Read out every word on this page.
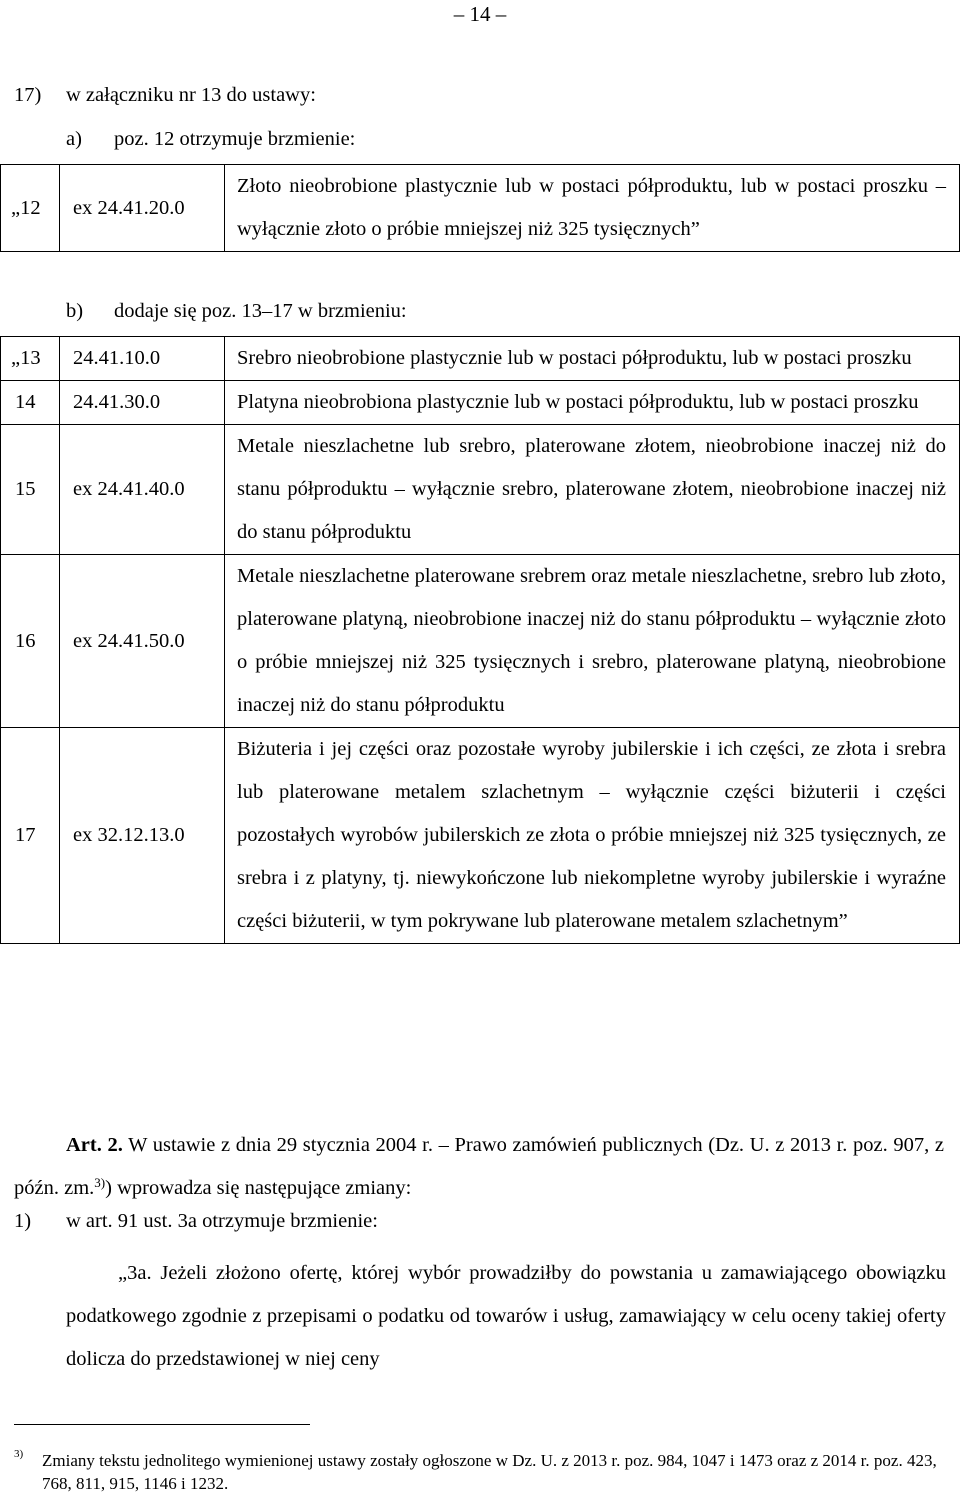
– 14 –
17) w załączniku nr 13 do ustawy:
a) poz. 12 otrzymuje brzmienie:
„12	ex 24.41.20.0	Złoto nieobrobione plastycznie lub w postaci półproduktu, lub w postaci proszku – wyłącznie złoto o próbie mniejszej niż 325 tysięcznych”
b) dodaje się poz. 13–17 w brzmieniu:
„13	24.41.10.0	Srebro nieobrobione plastycznie lub w postaci półproduktu, lub w postaci proszku
14	24.41.30.0	Platyna nieobrobiona plastycznie lub w postaci półproduktu, lub w postaci proszku
15	ex 24.41.40.0	Metale nieszlachetne lub srebro, platerowane złotem, nieobrobione inaczej niż do stanu półproduktu – wyłącznie srebro, platerowane złotem, nieobrobione inaczej niż do stanu półproduktu
16	ex 24.41.50.0	Metale nieszlachetne platerowane srebrem oraz metale nieszlachetne, srebro lub złoto, platerowane platyną, nieobrobione inaczej niż do stanu półproduktu – wyłącznie złoto o próbie mniejszej niż 325 tysięcznych i srebro, platerowane platyną, nieobrobione inaczej niż do stanu półproduktu
17	ex 32.12.13.0	Biżuteria i jej części oraz pozostałe wyroby jubilerskie i ich części, ze złota i srebra lub platerowane metalem szlachetnym – wyłącznie części biżuterii i części pozostałych wyrobów jubilerskich ze złota o próbie mniejszej niż 325 tysięcznych, ze srebra i z platyny, tj. niewykończone lub niekompletne wyroby jubilerskie i wyraźne części biżuterii, w tym pokrywane lub platerowane metalem szlachetnym”
Art. 2. W ustawie z dnia 29 stycznia 2004 r. – Prawo zamówień publicznych (Dz. U. z 2013 r. poz. 907, z późn. zm.$^{3)}$) wprowadza się następujące zmiany:
1) w art. 91 ust. 3a otrzymuje brzmienie:
„3a. Jeżeli złożono ofertę, której wybór prowadziłby do powstania u zamawiającego obowiązku podatkowego zgodnie z przepisami o podatku od towarów i usług, zamawiający w celu oceny takiej oferty dolicza do przedstawionej w niej ceny
$^{3)}$ Zmiany tekstu jednolitego wymienionej ustawy zostały ogłoszone w Dz. U. z 2013 r. poz. 984, 1047 i 1473 oraz z 2014 r. poz. 423, 768, 811, 915, 1146 i 1232.
